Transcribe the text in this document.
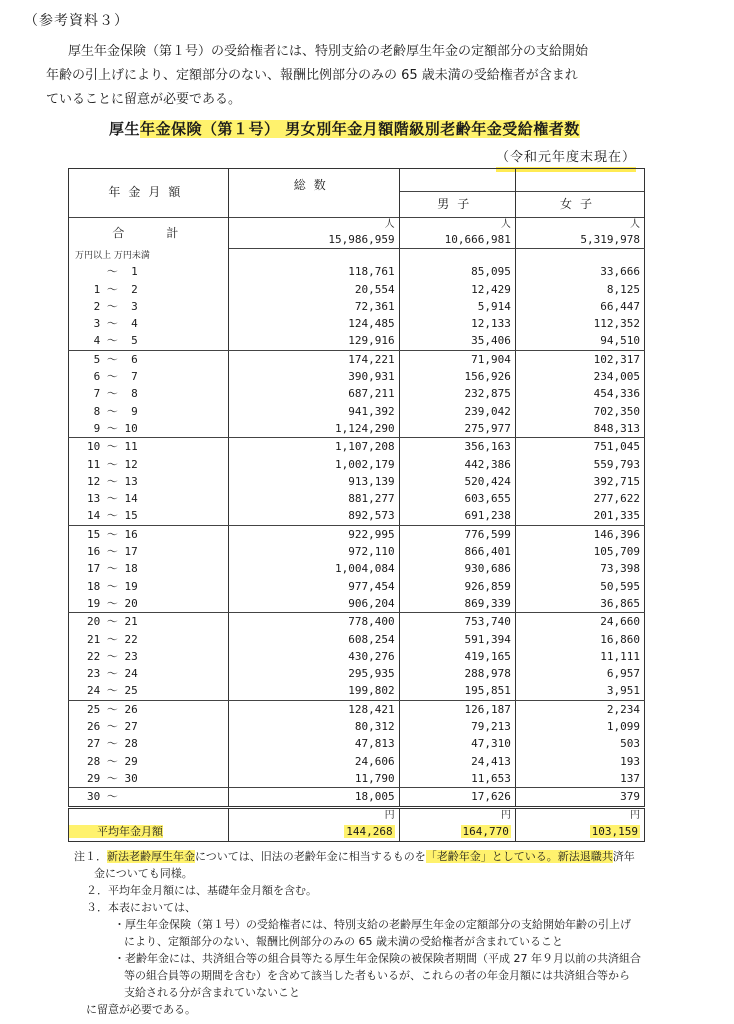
（参考資料３）
厚生年金保険（第１号）の受給権者には、特別支給の老齢厚生年金の定額部分の支給開始
年齢の引上げにより、定額部分のない、報酬比例部分のみの 65 歳未満の受給権者が含まれ
ていることに留意が必要である。
厚生年金保険（第１号） 男女別年金月額階級別老齢年金受給権者数
（令和元年度末現在）
年金月額	総数		
		男子	女子
合　　計	人	人	人
	15,986,959	10,666,981	5,319,978
万円以上 万円未満			
～  1	118,761	85,095	33,666
1 ～  2	20,554	12,429	8,125
2 ～  3	72,361	5,914	66,447
3 ～  4	124,485	12,133	112,352
4 ～  5	129,916	35,406	94,510
5 ～  6	174,221	71,904	102,317
6 ～  7	390,931	156,926	234,005
7 ～  8	687,211	232,875	454,336
8 ～  9	941,392	239,042	702,350
9 ～ 10	1,124,290	275,977	848,313
10 ～ 11	1,107,208	356,163	751,045
11 ～ 12	1,002,179	442,386	559,793
12 ～ 13	913,139	520,424	392,715
13 ～ 14	881,277	603,655	277,622
14 ～ 15	892,573	691,238	201,335
15 ～ 16	922,995	776,599	146,396
16 ～ 17	972,110	866,401	105,709
17 ～ 18	1,004,084	930,686	73,398
18 ～ 19	977,454	926,859	50,595
19 ～ 20	906,204	869,339	36,865
20 ～ 21	778,400	753,740	24,660
21 ～ 22	608,254	591,394	16,860
22 ～ 23	430,276	419,165	11,111
23 ～ 24	295,935	288,978	6,957
24 ～ 25	199,802	195,851	3,951
25 ～ 26	128,421	126,187	2,234
26 ～ 27	80,312	79,213	1,099
27 ～ 28	47,813	47,310	503
28 ～ 29	24,606	24,413	193
29 ～ 30	11,790	11,653	137
30 ～	18,005	17,626	379
	円	円	円
平均年金月額	144,268	164,770	103,159
注１．新法老齢厚生年金については、旧法の老齢年金に相当するものを「老齢年金」としている。新法退職共済年
金についても同様。
２．平均年金月額には、基礎年金月額を含む。
３．本表においては、
・厚生年金保険（第１号）の受給権者には、特別支給の老齢厚生年金の定額部分の支給開始年齢の引上げ
により、定額部分のない、報酬比例部分のみの 65 歳未満の受給権者が含まれていること
・老齢年金には、共済組合等の組合員等たる厚生年金保険の被保険者期間（平成 27 年９月以前の共済組合
等の組合員等の期間を含む）を含めて該当した者もいるが、これらの者の年金月額には共済組合等から
支給される分が含まれていないこと
に留意が必要である。
